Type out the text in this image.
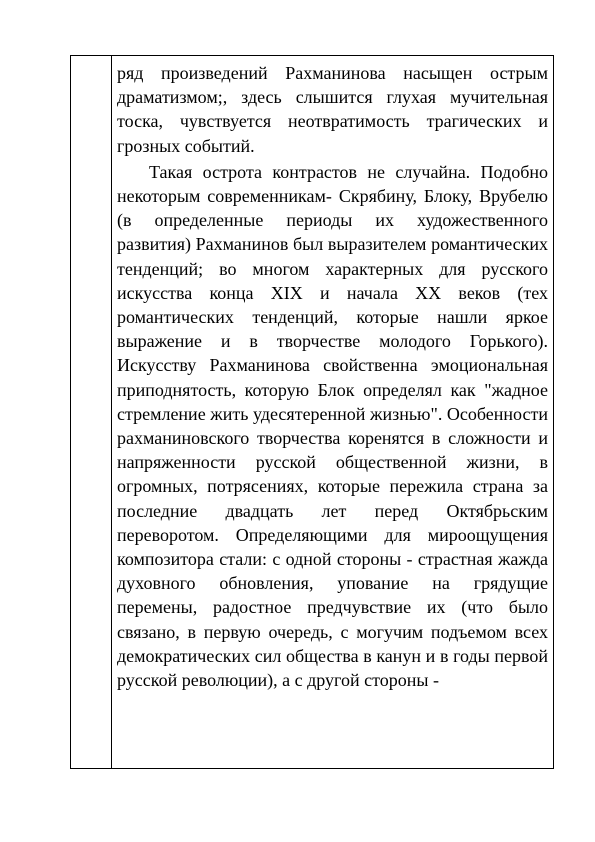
ряд произведений Рахманинова насыщен острым драматизмом;, здесь слышится глухая мучительная тоска, чувствуется неотвратимость трагических и грозных событий.

Такая острота контрастов не случайна. Подобно некоторым современникам- Скрябину, Блоку, Врубелю (в определенные периоды их художественного развития) Рахманинов был выразителем романтических тенденций; во многом характерных для русского искусства конца XIX и начала XX веков (тех романтических тенденций, которые нашли яркое выражение и в творчестве молодого Горького). Искусству Рахманинова свойственна эмоциональная приподнятость, которую Блок определял как "жадное стремление жить удесятеренной жизнью". Особенности рахманиновского творчества коренятся в сложности и напряженности русской общественной жизни, в огромных, потрясениях, которые пережила страна за последние двадцать лет перед Октябрьским переворотом. Определяющими для мироощущения композитора стали: с одной стороны - страстная жажда духовного обновления, упование на грядущие перемены, радостное предчувствие их (что было связано, в первую очередь, с могучим подъемом всех демократических сил общества в канун и в годы первой русской революции), а с другой стороны -
